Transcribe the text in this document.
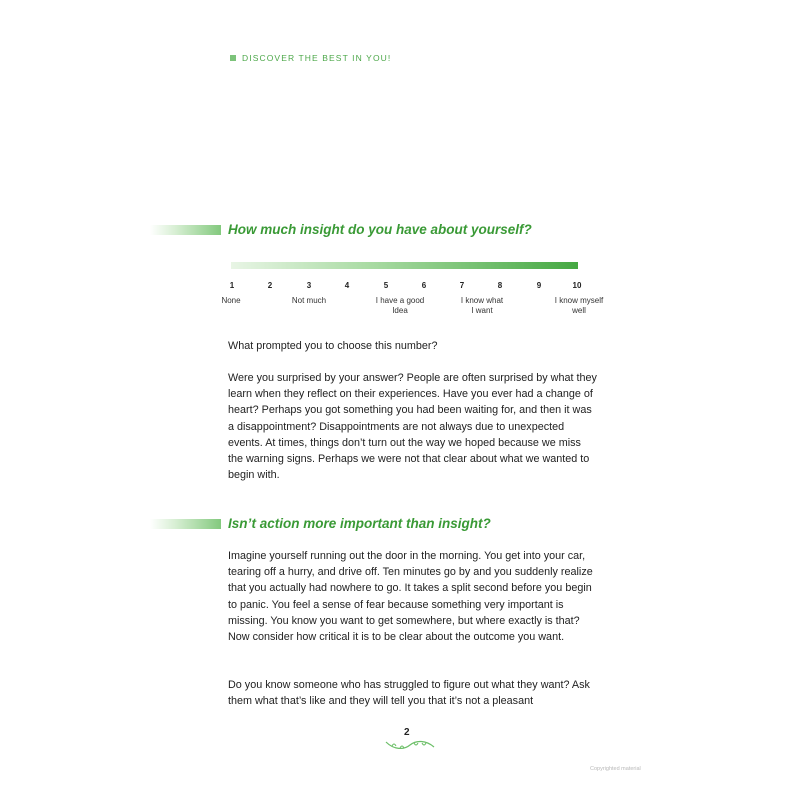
DISCOVER THE BEST IN YOU!
How much insight do you have about yourself?
1	2	3	4	5	6	7	8	9	10
None	Not much	I have a good
Idea
I know what
I want
I know myself
well

What prompted you to choose this number?

Were you surprised by your answer? People are often surprised by what they learn when they reflect on their experiences. Have you ever had a change of heart? Perhaps you got something you had been waiting for, and then it was a disappointment? Disappointments are not always due to unexpected events. At times, things don’t turn out the way we hoped because we miss the warning signs. Perhaps we were not that clear about what we wanted to begin with.

Isn’t action more important than insight?

Imagine yourself running out the door in the morning. You get into your car, tearing off a hurry, and drive off. Ten minutes go by and you suddenly realize that you actually had nowhere to go. It takes a split second before you begin to panic. You feel a sense of fear because something very important is missing. You know you want to get somewhere, but where exactly is that? Now consider how critical it is to be clear about the outcome you want.

Do you know someone who has struggled to figure out what they want? Ask them what that’s like and they will tell you that it’s not a pleasant

2
Copyrighted material
